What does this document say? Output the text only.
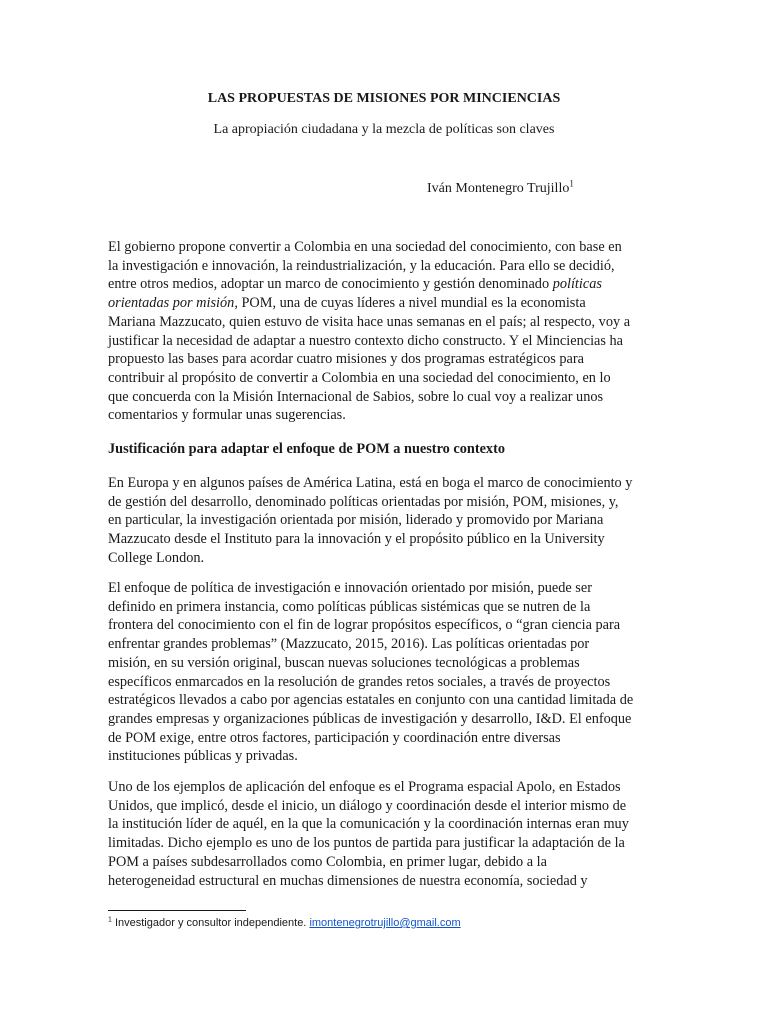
LAS PROPUESTAS DE MISIONES POR MINCIENCIAS
La apropiación ciudadana y la mezcla de políticas son claves
Iván Montenegro Trujillo$^1$
El gobierno propone convertir a Colombia en una sociedad del conocimiento, con base en
la investigación e innovación, la reindustrialización, y la educación. Para ello se decidió,
entre otros medios, adoptar un marco de conocimiento y gestión denominado políticas
orientadas por misión, POM, una de cuyas líderes a nivel mundial es la economista
Mariana Mazzucato, quien estuvo de visita hace unas semanas en el país; al respecto, voy a
justificar la necesidad de adaptar a nuestro contexto dicho constructo. Y el Minciencias ha
propuesto las bases para acordar cuatro misiones y dos programas estratégicos para
contribuir al propósito de convertir a Colombia en una sociedad del conocimiento, en lo
que concuerda con la Misión Internacional de Sabios, sobre lo cual voy a realizar unos
comentarios y formular unas sugerencias.
Justificación para adaptar el enfoque de POM a nuestro contexto
En Europa y en algunos países de América Latina, está en boga el marco de conocimiento y
de gestión del desarrollo, denominado políticas orientadas por misión, POM, misiones, y,
en particular, la investigación orientada por misión, liderado y promovido por Mariana
Mazzucato desde el Instituto para la innovación y el propósito público en la University
College London.
El enfoque de política de investigación e innovación orientado por misión, puede ser
definido en primera instancia, como políticas públicas sistémicas que se nutren de la
frontera del conocimiento con el fin de lograr propósitos específicos, o “gran ciencia para
enfrentar grandes problemas” (Mazzucato, 2015, 2016). Las políticas orientadas por
misión, en su versión original, buscan nuevas soluciones tecnológicas a problemas
específicos enmarcados en la resolución de grandes retos sociales, a través de proyectos
estratégicos llevados a cabo por agencias estatales en conjunto con una cantidad limitada de
grandes empresas y organizaciones públicas de investigación y desarrollo, I&D. El enfoque
de POM exige, entre otros factores, participación y coordinación entre diversas
instituciones públicas y privadas.
Uno de los ejemplos de aplicación del enfoque es el Programa espacial Apolo, en Estados
Unidos, que implicó, desde el inicio, un diálogo y coordinación desde el interior mismo de
la institución líder de aquél, en la que la comunicación y la coordinación internas eran muy
limitadas. Dicho ejemplo es uno de los puntos de partida para justificar la adaptación de la
POM a países subdesarrollados como Colombia, en primer lugar, debido a la
heterogeneidad estructural en muchas dimensiones de nuestra economía, sociedad y
$^1$ Investigador y consultor independiente. imontenegrotrujillo@gmail.com
